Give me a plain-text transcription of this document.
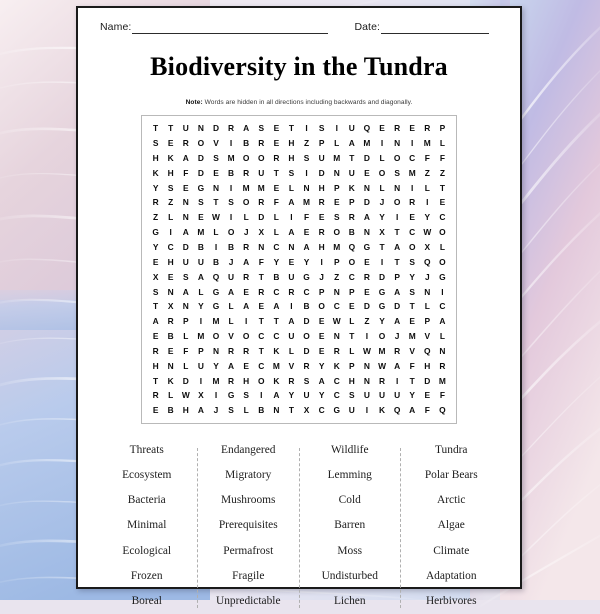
Name:	Date:
Biodiversity in the Tundra
Note: Words are hidden in all directions including backwards and diagonally.
T T U N D R A S E T I S I U Q E R E R P
S E R O V I B R E H Z P L A M I N I M L
H K A D S M O O R H S U M T D L O C F F
K H F D E B R U T S I D N U E O S M Z Z
Y S E G N I M M E L N H P K N L N I L T
R Z N S T S O R F A M R E P D J O R I E
Z L N E W I L D L I F E S R A Y I E Y C
G I A M L O J X L A E R O B N X T C W O
Y C D B I B R N C N A H M Q G T A O X L
E H U U B J A F Y E Y I P O E I T S Q O
X E S A Q U R T B U G J Z C R D P Y J G
S N A L G A E R C R C P N P E G A S N I
T X N Y G L A E A I B O C E D G D T L C
A R P I M L I T T A D E W L Z Y A E P A
E B L M O V O C C U O E N T I O J M V L
R E F P N R R T K L D E R L W M R V Q N
H N L U Y A E C M V R Y K P N W A F H R
T K D I M R H O K R S A C H N R I T D M
R L W X I G S I A Y U Y C S U U U Y E F
E B H A J S L B N T X C G U I K Q A F Q
Threats
Ecosystem
Bacteria
Minimal
Ecological
Frozen
Boreal
Endangered
Migratory
Mushrooms
Prerequisites
Permafrost
Fragile
Unpredictable
Wildlife
Lemming
Cold
Barren
Moss
Undisturbed
Lichen
Tundra
Polar Bears
Arctic
Algae
Climate
Adaptation
Herbivores
